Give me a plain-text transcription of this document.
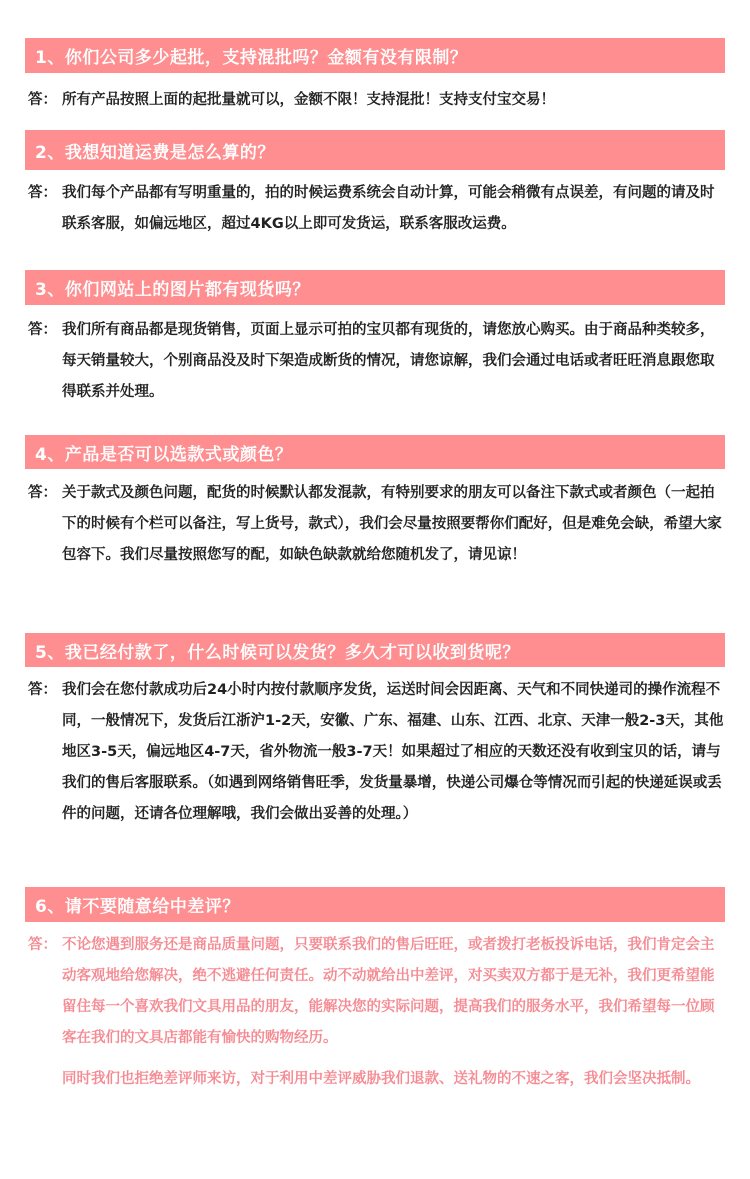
1、你们公司多少起批，支持混批吗？金额有没有限制？
答： 所有产品按照上面的起批量就可以，金额不限！支持混批！支持支付宝交易！
2、我想知道运费是怎么算的？
答： 我们每个产品都有写明重量的，拍的时候运费系统会自动计算，可能会稍微有点误差，有问题的请及时联系客服，如偏远地区，超过4KG以上即可发货运，联系客服改运费。
3、你们网站上的图片都有现货吗？
答： 我们所有商品都是现货销售，页面上显示可拍的宝贝都有现货的，请您放心购买。由于商品种类较多，每天销量较大，个别商品没及时下架造成断货的情况，请您谅解，我们会通过电话或者旺旺消息跟您取得联系并处理。
4、产品是否可以选款式或颜色？
答： 关于款式及颜色问题，配货的时候默认都发混款，有特别要求的朋友可以备注下款式或者颜色（一起拍下的时候有个栏可以备注，写上货号，款式），我们会尽量按照要帮你们配好，但是难免会缺，希望大家包容下。我们尽量按照您写的配，如缺色缺款就给您随机发了，请见谅！
5、我已经付款了，什么时候可以发货？多久才可以收到货呢？
答： 我们会在您付款成功后24小时内按付款顺序发货，运送时间会因距离、天气和不同快递司的操作流程不同，一般情况下，发货后江浙沪1-2天，安徽、广东、福建、山东、江西、北京、天津一般2-3天，其他地区3-5天，偏远地区4-7天，省外物流一般3-7天！如果超过了相应的天数还没有收到宝贝的话，请与我们的售后客服联系。（如遇到网络销售旺季，发货量暴增，快递公司爆仓等情况而引起的快递延误或丢件的问题，还请各位理解哦，我们会做出妥善的处理。）
6、请不要随意给中差评？
答： 不论您遇到服务还是商品质量问题，只要联系我们的售后旺旺，或者拨打老板投诉电话，我们肯定会主动客观地给您解决，绝不逃避任何责任。动不动就给出中差评，对买卖双方都于是无补，我们更希望能留住每一个喜欢我们文具用品的朋友，能解决您的实际问题，提高我们的服务水平，我们希望每一位顾客在我们的文具店都能有愉快的购物经历。
同时我们也拒绝差评师来访，对于利用中差评威胁我们退款、送礼物的不速之客，我们会坚决抵制。
